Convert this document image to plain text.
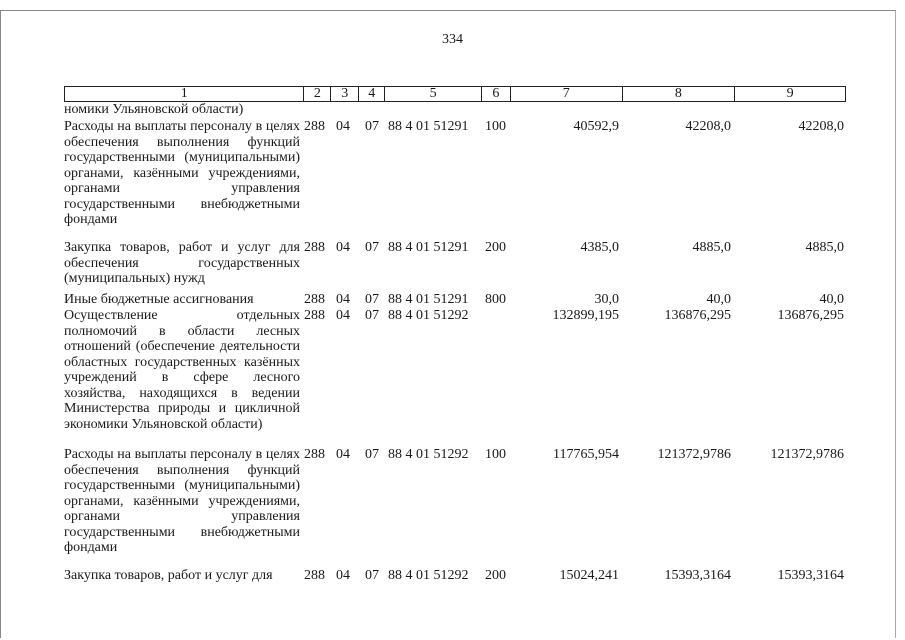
334
1	2	3	4	5	6	7	8	9
номики Ульяновской области)
Расходы на выплаты персоналу в целях обеспечения выполнения функций государственными (муниципальными) органами, казёнными учреждениями, органами управления государственными внебюджетными фондами
288 04 07 88 4 01 51291 100	40592,9	42208,0	42208,0
Закупка товаров, работ и услуг для обеспечения государственных (муниципальных) нужд
288 04 07 88 4 01 51291 200	4385,0	4885,0	4885,0
Иные бюджетные ассигнования	288 04 07 88 4 01 51291 800	30,0	40,0	40,0
Осуществление отдельных полномочий в области лесных отношений (обеспечение деятельности областных государственных казённых учреждений в сфере лесного хозяйства, находящихся в ведении Министерства природы и цикличной экономики Ульяновской области)
288 04 07 88 4 01 51292	132899,195	136876,295	136876,295
Расходы на выплаты персоналу в целях обеспечения выполнения функций государственными (муниципальными) органами, казёнными учреждениями, органами управления государственными внебюджетными фондами
288 04 07 88 4 01 51292 100	117765,954	121372,9786	121372,9786
Закупка товаров, работ и услуг для	288 04 07 88 4 01 51292 200	15024,241	15393,3164	15393,3164
